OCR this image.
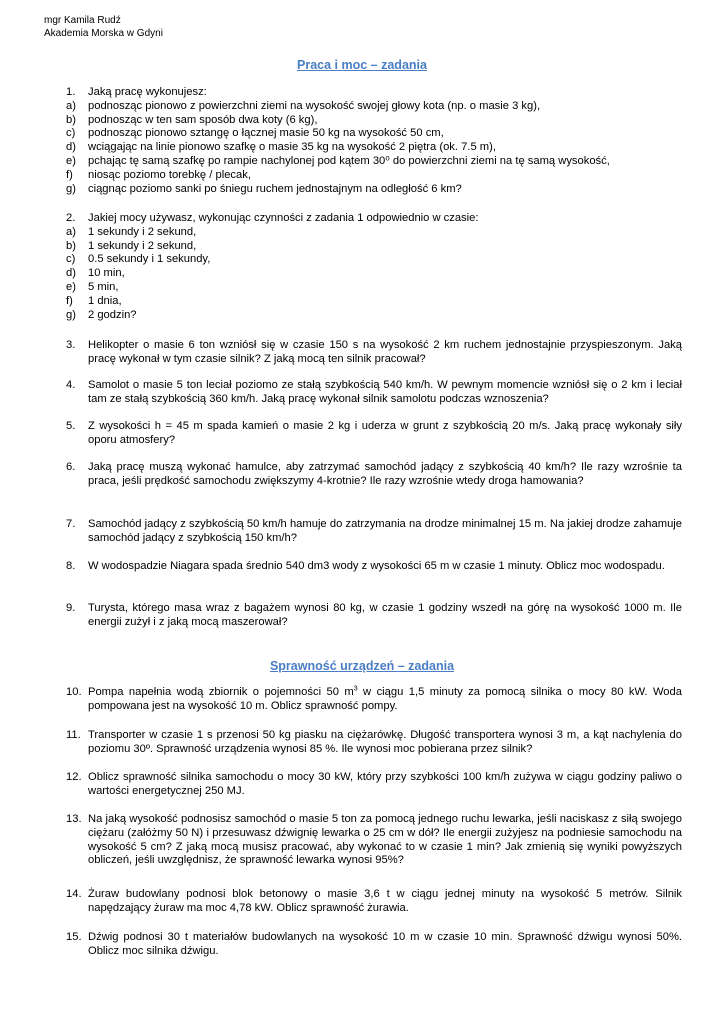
mgr Kamila Rudź
Akademia Morska w Gdyni
Praca i moc – zadania
1. Jaką pracę wykonujesz:
a) podnosząc pionowo z powierzchni ziemi na wysokość swojej głowy kota (np. o masie 3 kg),
b) podnosząc w ten sam sposób dwa koty (6 kg),
c) podnosząc pionowo sztangę o łącznej masie 50 kg na wysokość 50 cm,
d) wciągając na linie pionowo szafkę o masie 35 kg na wysokość 2 piętra (ok. 7.5 m),
e) pchając tę samą szafkę po rampie nachylonej pod kątem 30⁰ do powierzchni ziemi na tę samą wysokość,
f) niosąc poziomo torebkę / plecak,
g) ciągnąc poziomo sanki po śniegu ruchem jednostajnym na odległość 6 km?
2. Jakiej mocy używasz, wykonując czynności z zadania 1 odpowiednio w czasie:
a) 1 sekundy i 2 sekund,
b) 1 sekundy i 2 sekund,
c) 0.5 sekundy i 1 sekundy,
d) 10 min,
e) 5 min,
f) 1 dnia,
g) 2 godzin?
3. Helikopter o masie 6 ton wzniósł się w czasie 150 s na wysokość 2 km ruchem jednostajnie przyspieszonym. Jaką pracę wykonał w tym czasie silnik? Z jaką mocą ten silnik pracował?
4. Samolot o masie 5 ton leciał poziomo ze stałą szybkością 540 km/h. W pewnym momencie wzniósł się o 2 km i leciał tam ze stałą szybkością 360 km/h. Jaką pracę wykonał silnik samolotu podczas wznoszenia?
5. Z wysokości h = 45 m spada kamień o masie 2 kg i uderza w grunt z szybkością 20 m/s. Jaką pracę wykonały siły oporu atmosfery?
6. Jaką pracę muszą wykonać hamulce, aby zatrzymać samochód jadący z szybkością 40 km/h? Ile razy wzrośnie ta praca, jeśli prędkość samochodu zwiększymy 4-krotnie? Ile razy wzrośnie wtedy droga hamowania?
7. Samochód jadący z szybkością 50 km/h hamuje do zatrzymania na drodze minimalnej 15 m. Na jakiej drodze zahamuje samochód jadący z szybkością 150 km/h?
8. W wodospadzie Niagara spada średnio 540 dm3 wody z wysokości 65 m w czasie 1 minuty. Oblicz moc wodospadu.
9. Turysta, którego masa wraz z bagażem wynosi 80 kg, w czasie 1 godziny wszedł na górę na wysokość 1000 m. Ile energii zużył i z jaką mocą maszerował?
Sprawność urządzeń – zadania
10. Pompa napełnia wodą zbiornik o pojemności 50 $m^3$ w ciągu 1,5 minuty za pomocą silnika o mocy 80 kW. Woda pompowana jest na wysokość 10 m. Oblicz sprawność pompy.
11. Transporter w czasie 1 s przenosi 50 kg piasku na ciężarówkę. Długość transportera wynosi 3 m, a kąt nachylenia do poziomu 30º. Sprawność urządzenia wynosi 85 %. Ile wynosi moc pobierana przez silnik?
12. Oblicz sprawność silnika samochodu o mocy 30 kW, który przy szybkości 100 km/h zużywa w ciągu godziny paliwo o wartości energetycznej 250 MJ.
13. Na jaką wysokość podnosisz samochód o masie 5 ton za pomocą jednego ruchu lewarka, jeśli naciskasz z siłą swojego ciężaru (załóżmy 50 N) i przesuwasz dźwignię lewarka o 25 cm w dół? Ile energii zużyjesz na podniesie samochodu na wysokość 5 cm? Z jaką mocą musisz pracować, aby wykonać to w czasie 1 min? Jak zmienią się wyniki powyższych obliczeń, jeśli uwzględnisz, że sprawność lewarka wynosi 95%?
14. Żuraw budowlany podnosi blok betonowy o masie 3,6 t w ciągu jednej minuty na wysokość 5 metrów. Silnik napędzający żuraw ma moc 4,78 kW. Oblicz sprawność żurawia.
15. Dźwig podnosi 30 t materiałów budowlanych na wysokość 10 m w czasie 10 min. Sprawność dźwigu wynosi 50%. Oblicz moc silnika dźwigu.
